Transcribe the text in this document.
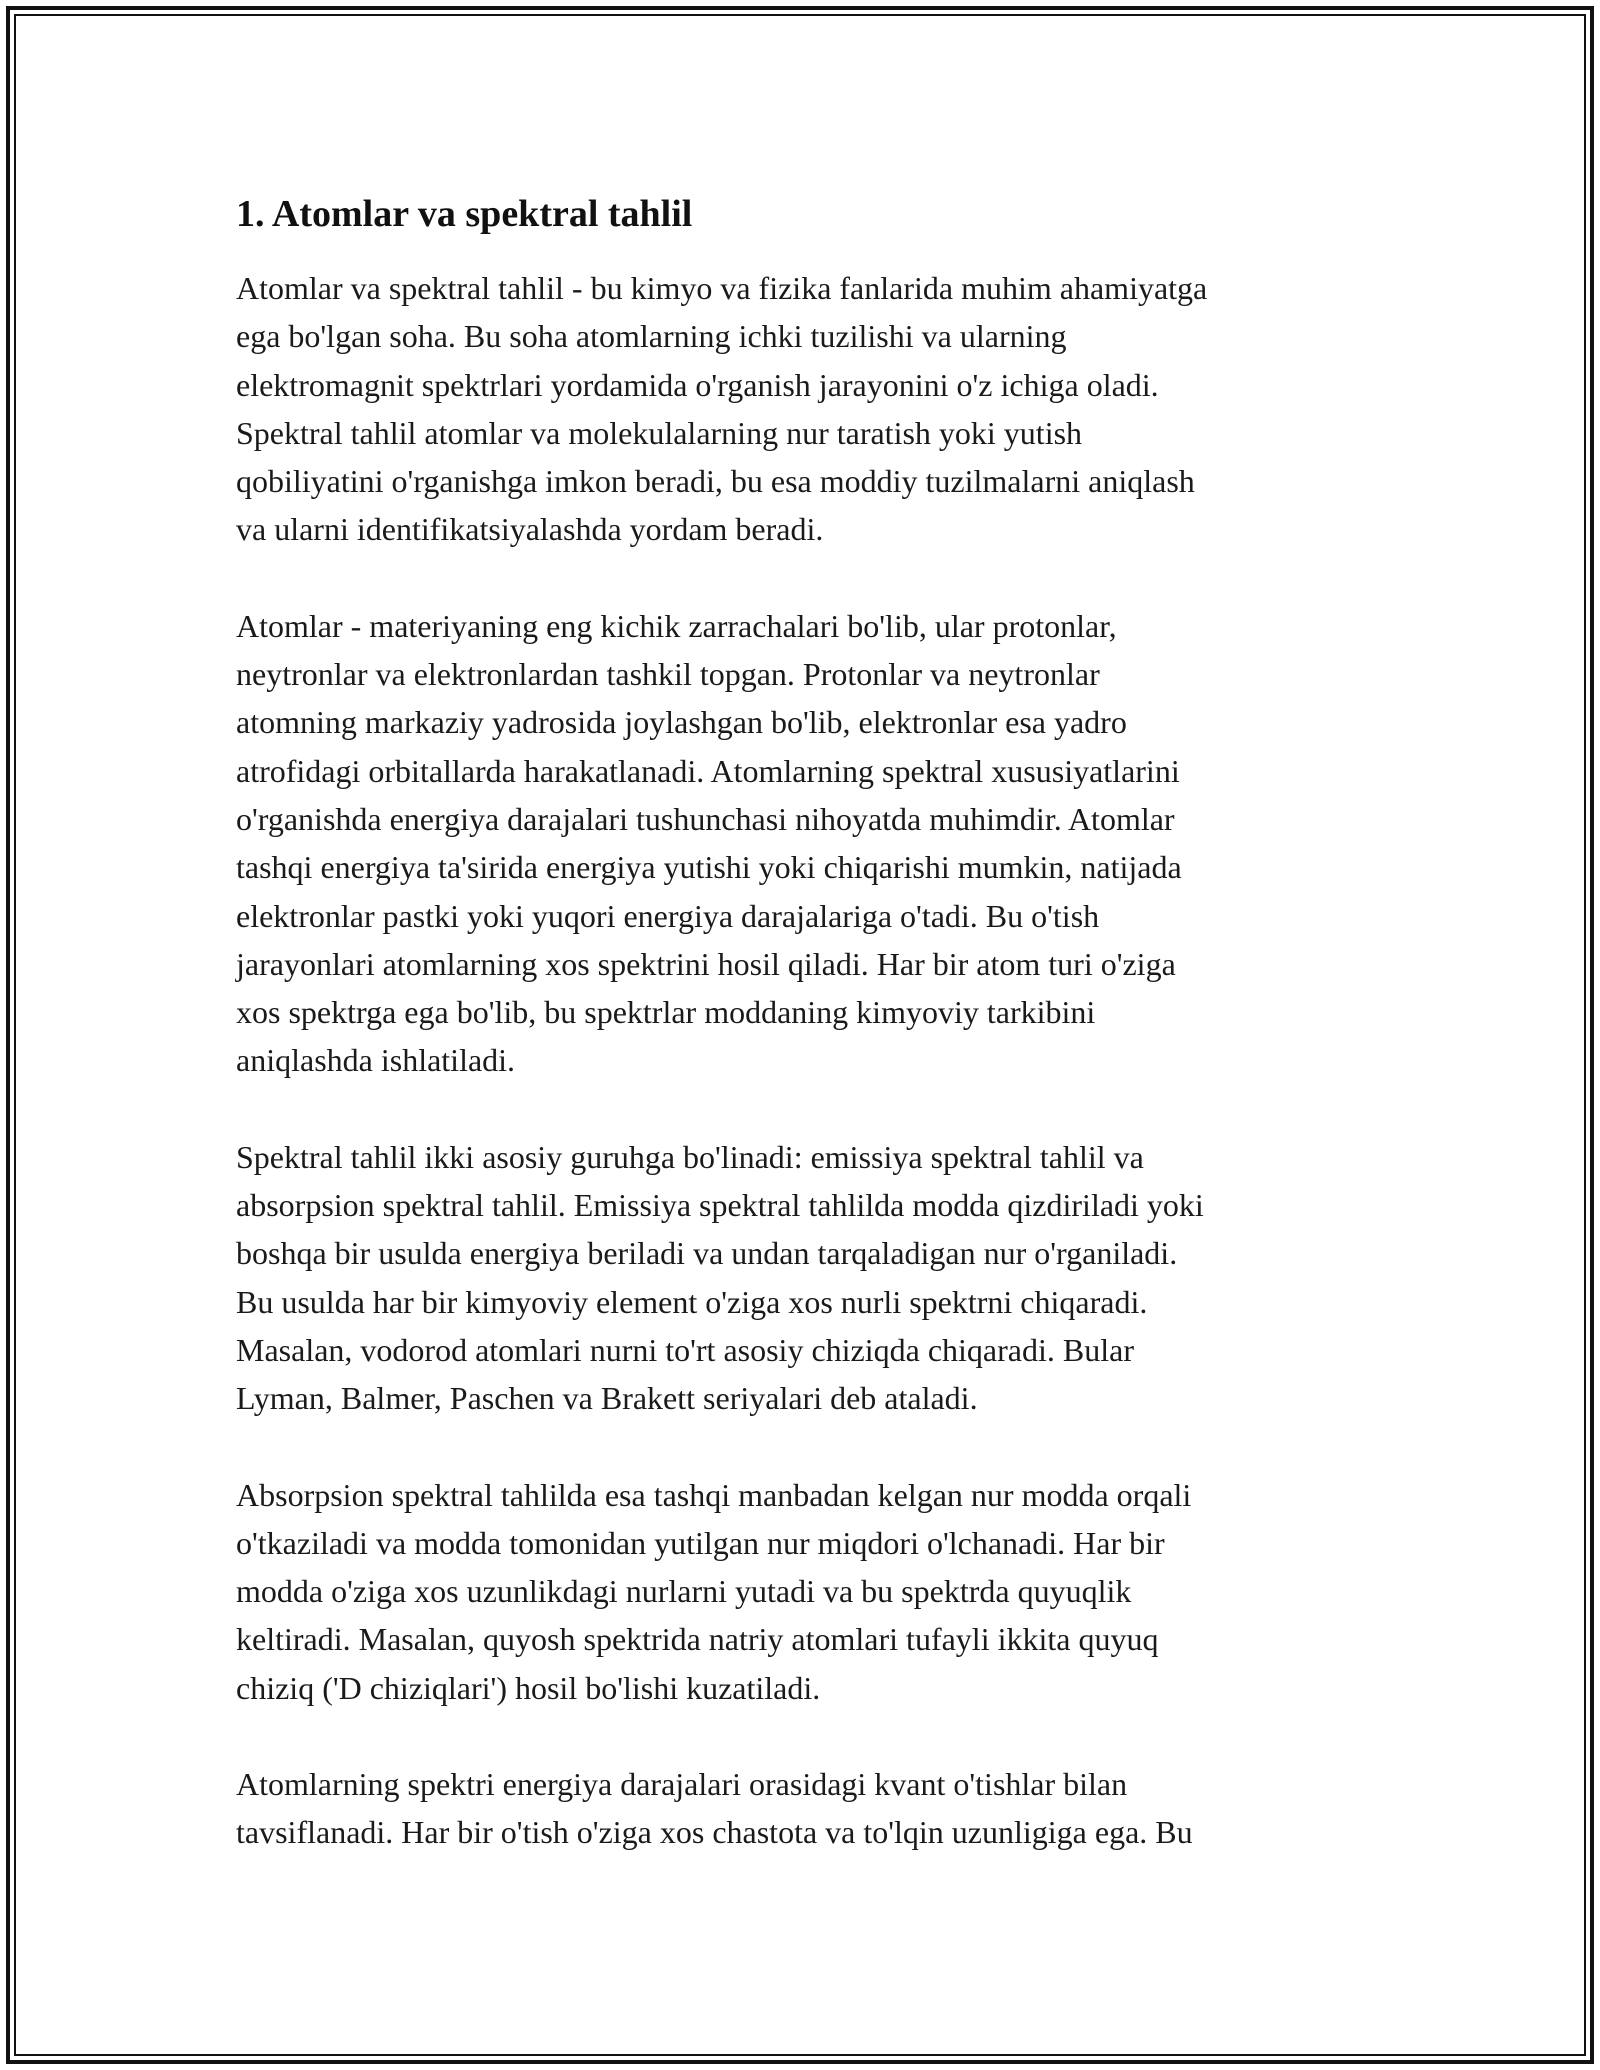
1. Atomlar va spektral tahlil

Atomlar va spektral tahlil - bu kimyo va fizika fanlarida muhim ahamiyatga
ega bo'lgan soha. Bu soha atomlarning ichki tuzilishi va ularning
elektromagnit spektrlari yordamida o'rganish jarayonini o'z ichiga oladi.
Spektral tahlil atomlar va molekulalarning nur taratish yoki yutish
qobiliyatini o'rganishga imkon beradi, bu esa moddiy tuzilmalarni aniqlash
va ularni identifikatsiyalashda yordam beradi.

Atomlar - materiyaning eng kichik zarrachalari bo'lib, ular protonlar,
neytronlar va elektronlardan tashkil topgan. Protonlar va neytronlar
atomning markaziy yadrosida joylashgan bo'lib, elektronlar esa yadro
atrofidagi orbitallarda harakatlanadi. Atomlarning spektral xususiyatlarini
o'rganishda energiya darajalari tushunchasi nihoyatda muhimdir. Atomlar
tashqi energiya ta'sirida energiya yutishi yoki chiqarishi mumkin, natijada
elektronlar pastki yoki yuqori energiya darajalariga o'tadi. Bu o'tish
jarayonlari atomlarning xos spektrini hosil qiladi. Har bir atom turi o'ziga
xos spektrga ega bo'lib, bu spektrlar moddaning kimyoviy tarkibini
aniqlashda ishlatiladi.

Spektral tahlil ikki asosiy guruhga bo'linadi: emissiya spektral tahlil va
absorpsion spektral tahlil. Emissiya spektral tahlilda modda qizdiriladi yoki
boshqa bir usulda energiya beriladi va undan tarqaladigan nur o'rganiladi.
Bu usulda har bir kimyoviy element o'ziga xos nurli spektrni chiqaradi.
Masalan, vodorod atomlari nurni to'rt asosiy chiziqda chiqaradi. Bular
Lyman, Balmer, Paschen va Brakett seriyalari deb ataladi.

Absorpsion spektral tahlilda esa tashqi manbadan kelgan nur modda orqali
o'tkaziladi va modda tomonidan yutilgan nur miqdori o'lchanadi. Har bir
modda o'ziga xos uzunlikdagi nurlarni yutadi va bu spektrda quyuqlik
keltiradi. Masalan, quyosh spektrida natriy atomlari tufayli ikkita quyuq
chiziq ('D chiziqlari') hosil bo'lishi kuzatiladi.

Atomlarning spektri energiya darajalari orasidagi kvant o'tishlar bilan
tavsiflanadi. Har bir o'tish o'ziga xos chastota va to'lqin uzunligiga ega. Bu
